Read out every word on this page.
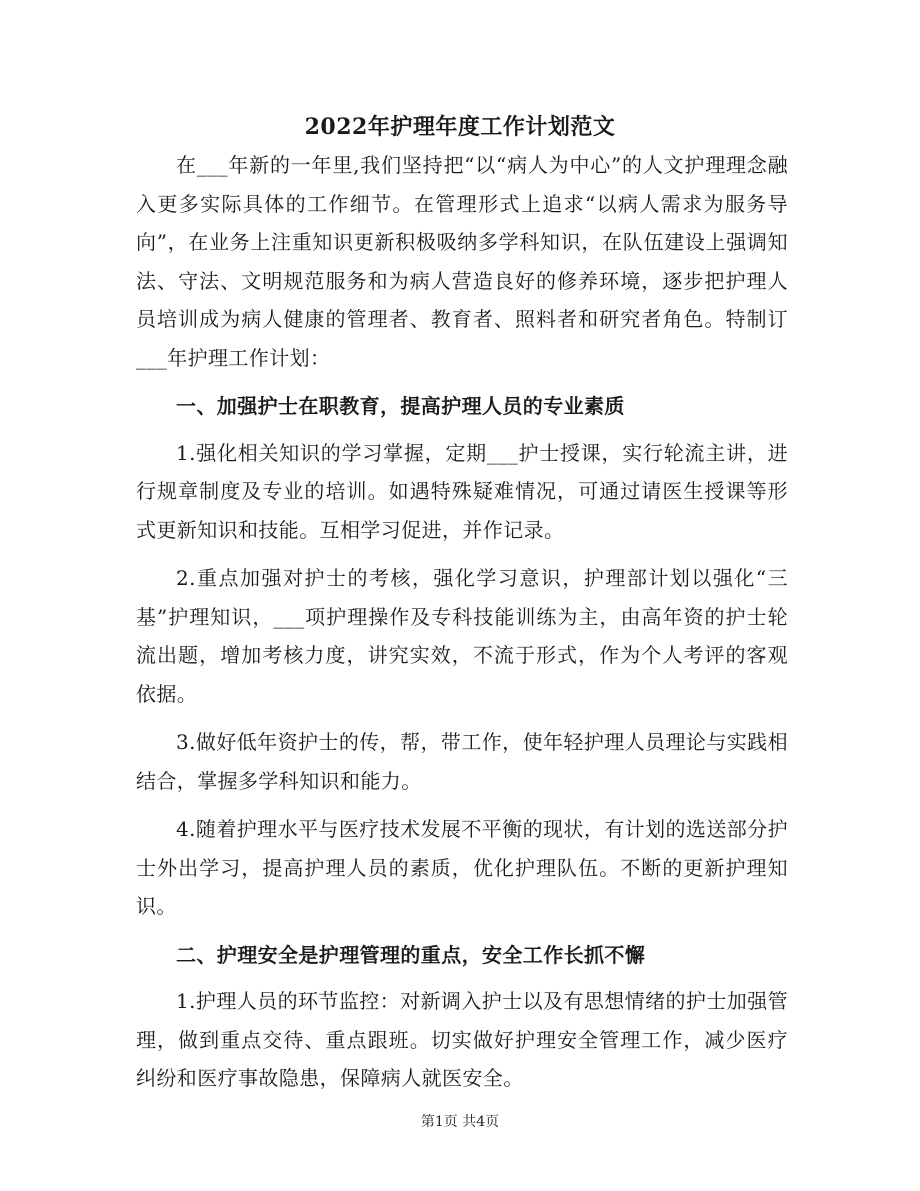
2022年护理年度工作计划范文

在___年新的一年里,我们坚持把“以“病人为中心”的人文护理理念融入更多实际具体的工作细节。在管理形式上追求“以病人需求为服务导向”，在业务上注重知识更新积极吸纳多学科知识，在队伍建设上强调知法、守法、文明规范服务和为病人营造良好的修养环境，逐步把护理人员培训成为病人健康的管理者、教育者、照料者和研究者角色。特制订___年护理工作计划：

一、加强护士在职教育，提高护理人员的专业素质

1.强化相关知识的学习掌握，定期___护士授课，实行轮流主讲，进行规章制度及专业的培训。如遇特殊疑难情况，可通过请医生授课等形式更新知识和技能。互相学习促进，并作记录。

2.重点加强对护士的考核，强化学习意识，护理部计划以强化“三基”护理知识，___项护理操作及专科技能训练为主，由高年资的护士轮流出题，增加考核力度，讲究实效，不流于形式，作为个人考评的客观依据。

3.做好低年资护士的传，帮，带工作，使年轻护理人员理论与实践相结合，掌握多学科知识和能力。

4.随着护理水平与医疗技术发展不平衡的现状，有计划的选送部分护士外出学习，提高护理人员的素质，优化护理队伍。不断的更新护理知识。

二、护理安全是护理管理的重点，安全工作长抓不懈

1.护理人员的环节监控：对新调入护士以及有思想情绪的护士加强管理，做到重点交待、重点跟班。切实做好护理安全管理工作，减少医疗纠纷和医疗事故隐患，保障病人就医安全。

第1页 共4页
